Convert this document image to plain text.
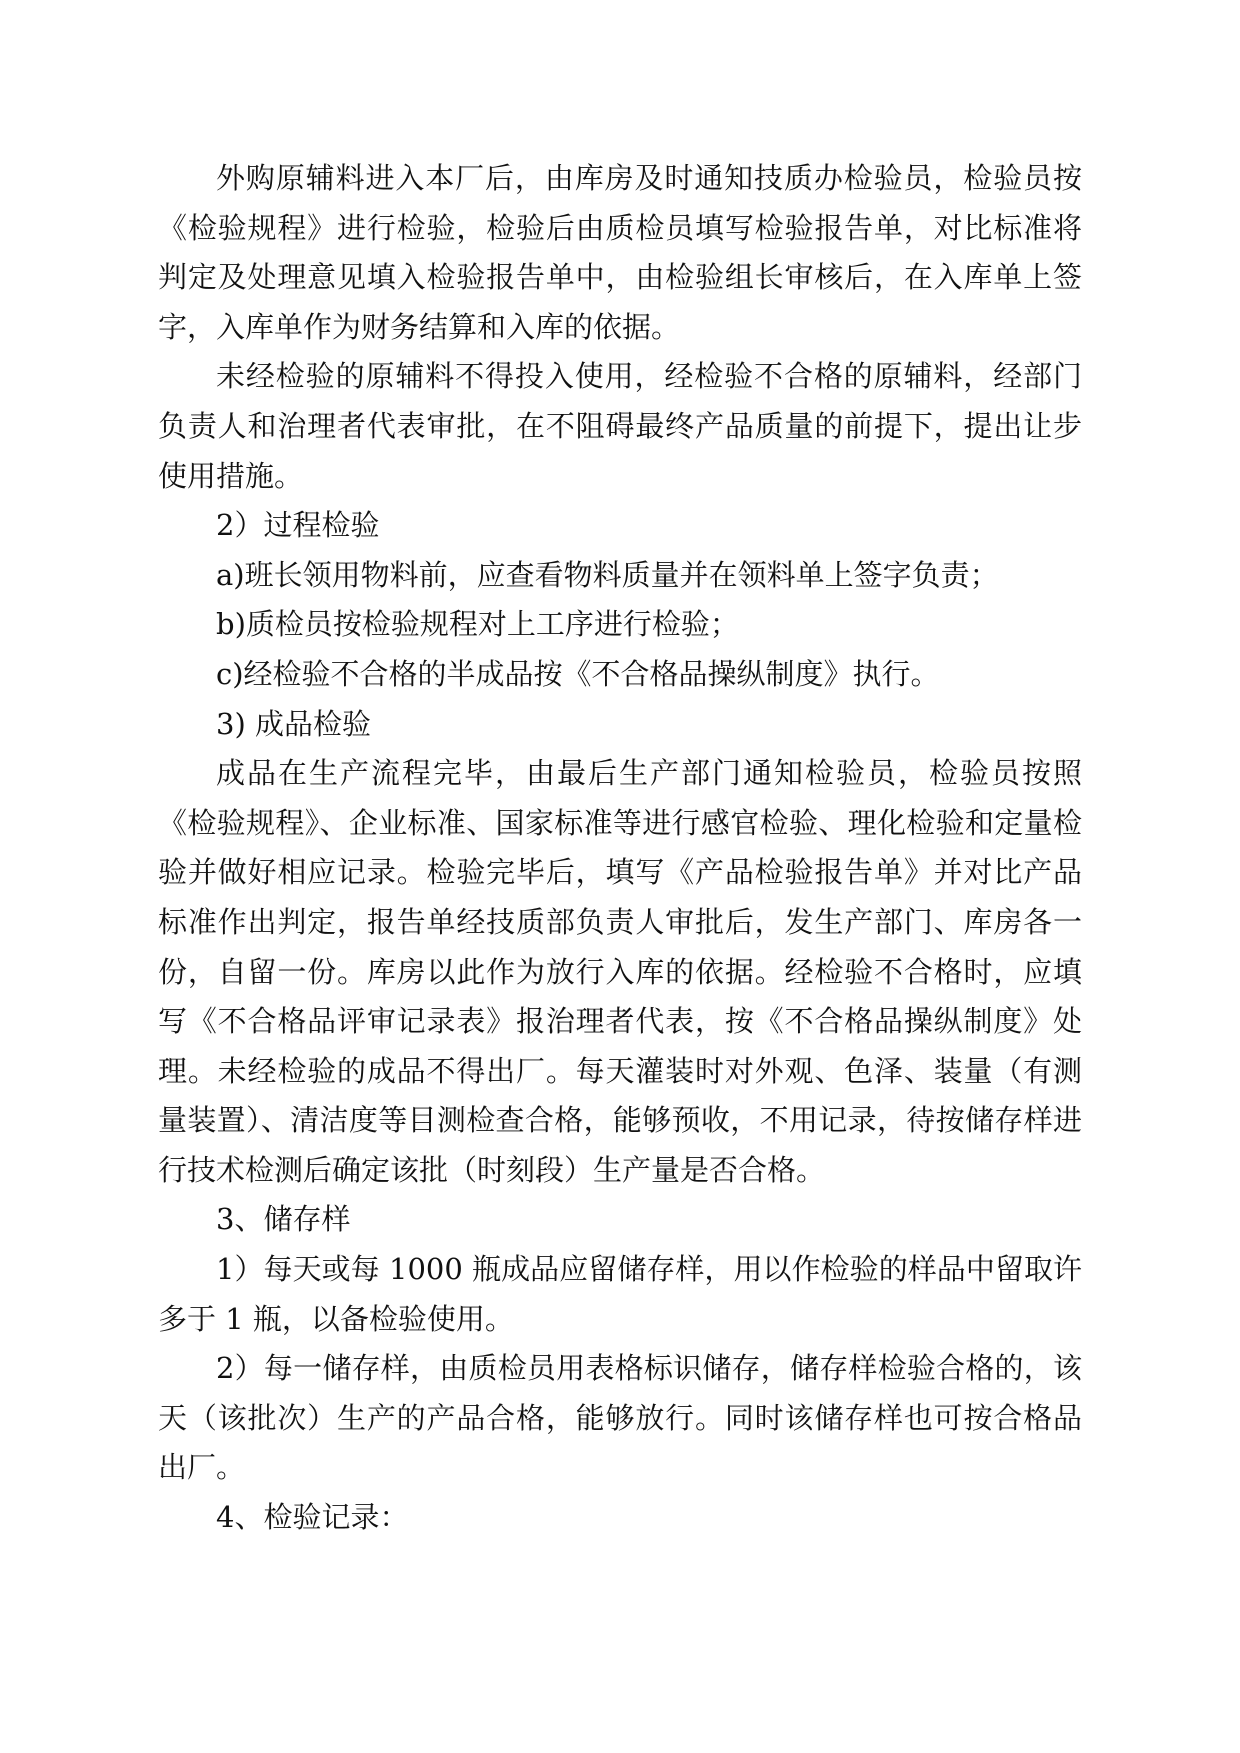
外购原辅料进入本厂后，由库房及时通知技质办检验员，检验员按《检验规程》进行检验，检验后由质检员填写检验报告单，对比标准将判定及处理意见填入检验报告单中，由检验组长审核后，在入库单上签字，入库单作为财务结算和入库的依据。

未经检验的原辅料不得投入使用，经检验不合格的原辅料，经部门负责人和治理者代表审批，在不阻碍最终产品质量的前提下，提出让步使用措施。

2）过程检验

a)班长领用物料前，应查看物料质量并在领料单上签字负责；

b)质检员按检验规程对上工序进行检验；

c)经检验不合格的半成品按《不合格品操纵制度》执行。

3) 成品检验

成品在生产流程完毕，由最后生产部门通知检验员，检验员按照《检验规程》、企业标准、国家标准等进行感官检验、理化检验和定量检验并做好相应记录。检验完毕后，填写《产品检验报告单》并对比产品标准作出判定，报告单经技质部负责人审批后，发生产部门、库房各一份，自留一份。库房以此作为放行入库的依据。经检验不合格时，应填写《不合格品评审记录表》报治理者代表，按《不合格品操纵制度》处理。未经检验的成品不得出厂。每天灌装时对外观、色泽、装量（有测量装置）、清洁度等目测检查合格，能够预收，不用记录，待按储存样进行技术检测后确定该批（时刻段）生产量是否合格。

3、储存样

1）每天或每 1000 瓶成品应留储存样，用以作检验的样品中留取许多于 1 瓶，以备检验使用。

2）每一储存样，由质检员用表格标识储存，储存样检验合格的，该天（该批次）生产的产品合格，能够放行。同时该储存样也可按合格品出厂。

4、检验记录：
